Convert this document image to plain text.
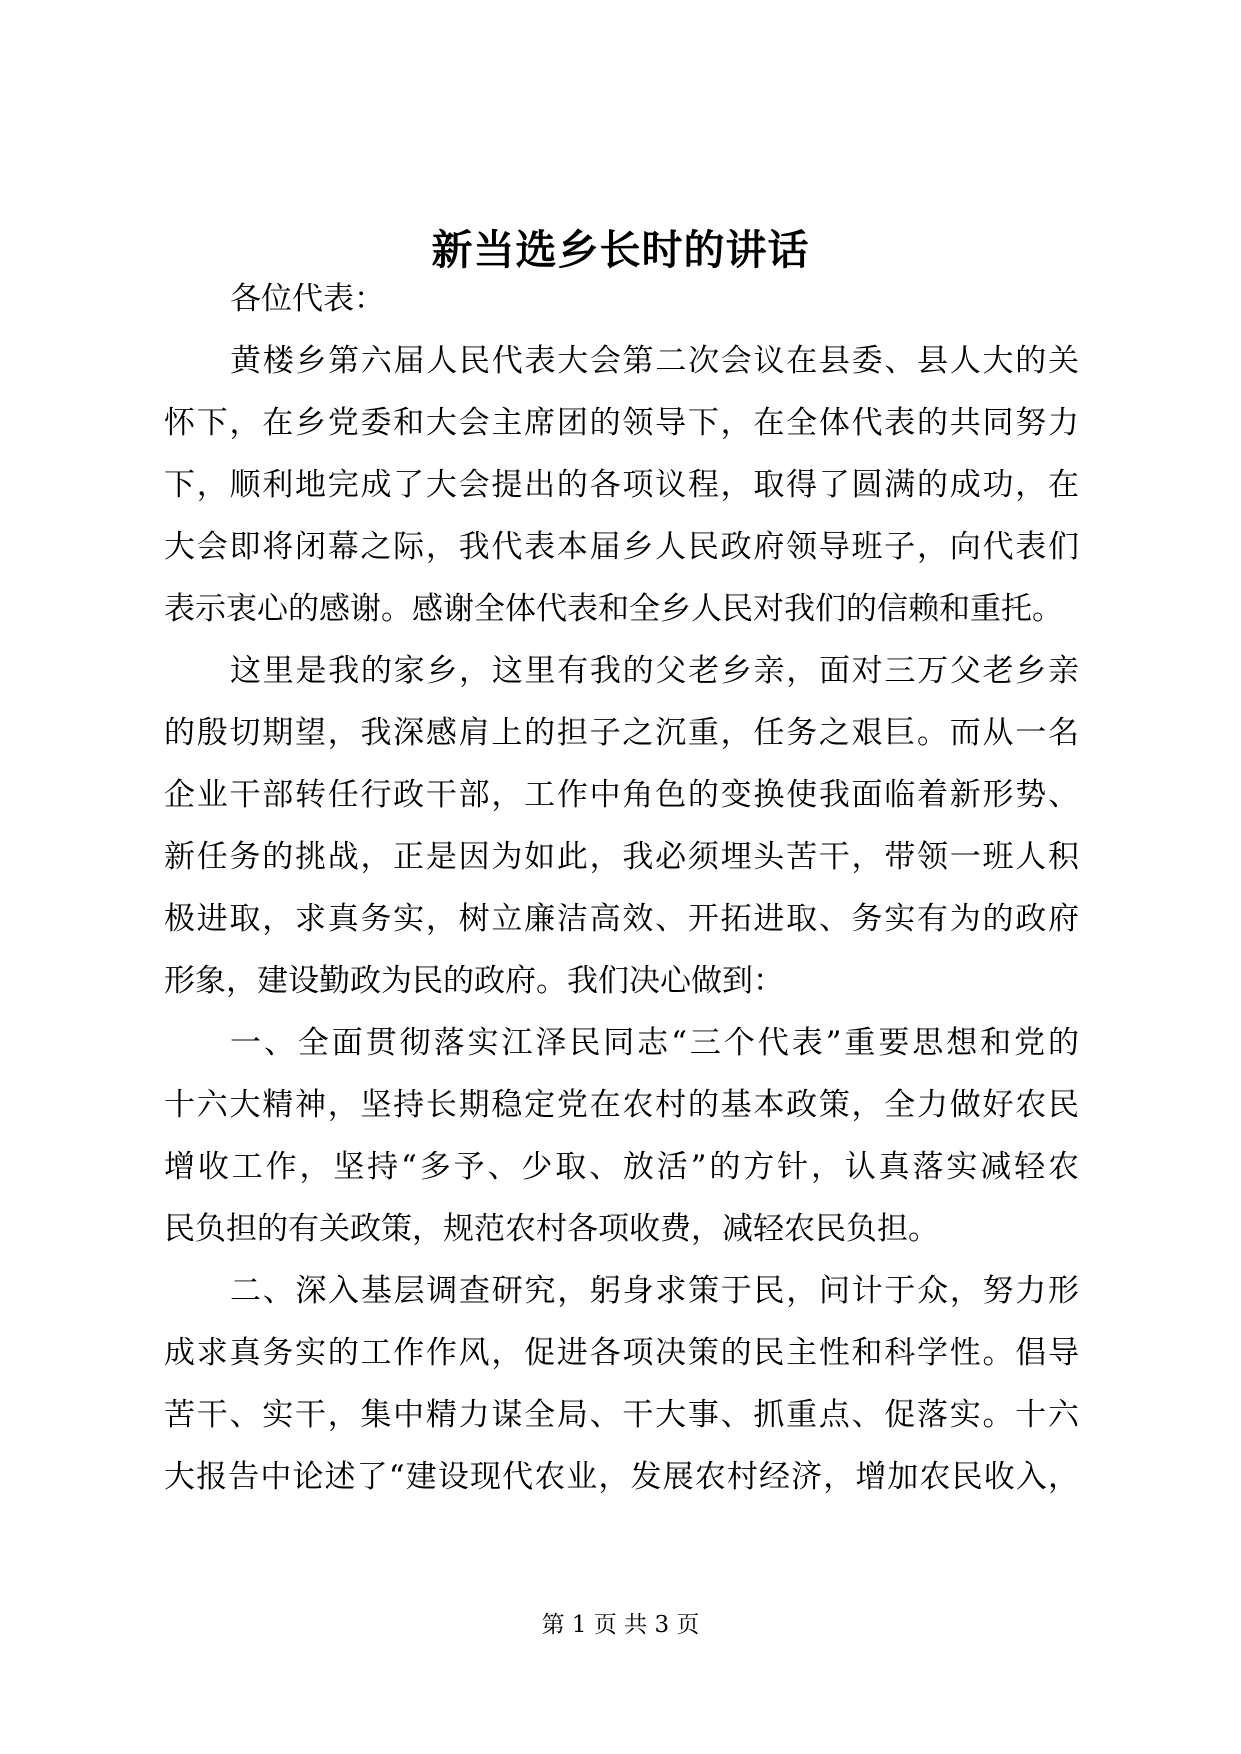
新当选乡长时的讲话
各位代表：
黄楼乡第六届人民代表大会第二次会议在县委、县人大的关
怀下，在乡党委和大会主席团的领导下，在全体代表的共同努力
下，顺利地完成了大会提出的各项议程，取得了圆满的成功，在
大会即将闭幕之际，我代表本届乡人民政府领导班子，向代表们
表示衷心的感谢。感谢全体代表和全乡人民对我们的信赖和重托。
这里是我的家乡，这里有我的父老乡亲，面对三万父老乡亲
的殷切期望，我深感肩上的担子之沉重，任务之艰巨。而从一名
企业干部转任行政干部，工作中角色的变换使我面临着新形势、
新任务的挑战，正是因为如此，我必须埋头苦干，带领一班人积
极进取，求真务实，树立廉洁高效、开拓进取、务实有为的政府
形象，建设勤政为民的政府。我们决心做到：
一、全面贯彻落实江泽民同志“三个代表”重要思想和党的
十六大精神，坚持长期稳定党在农村的基本政策，全力做好农民
增收工作，坚持“多予、少取、放活”的方针，认真落实减轻农
民负担的有关政策，规范农村各项收费，减轻农民负担。
二、深入基层调查研究，躬身求策于民，问计于众，努力形
成求真务实的工作作风，促进各项决策的民主性和科学性。倡导
苦干、实干，集中精力谋全局、干大事、抓重点、促落实。十六
大报告中论述了“建设现代农业，发展农村经济，增加农民收入，
第 1 页 共 3 页
